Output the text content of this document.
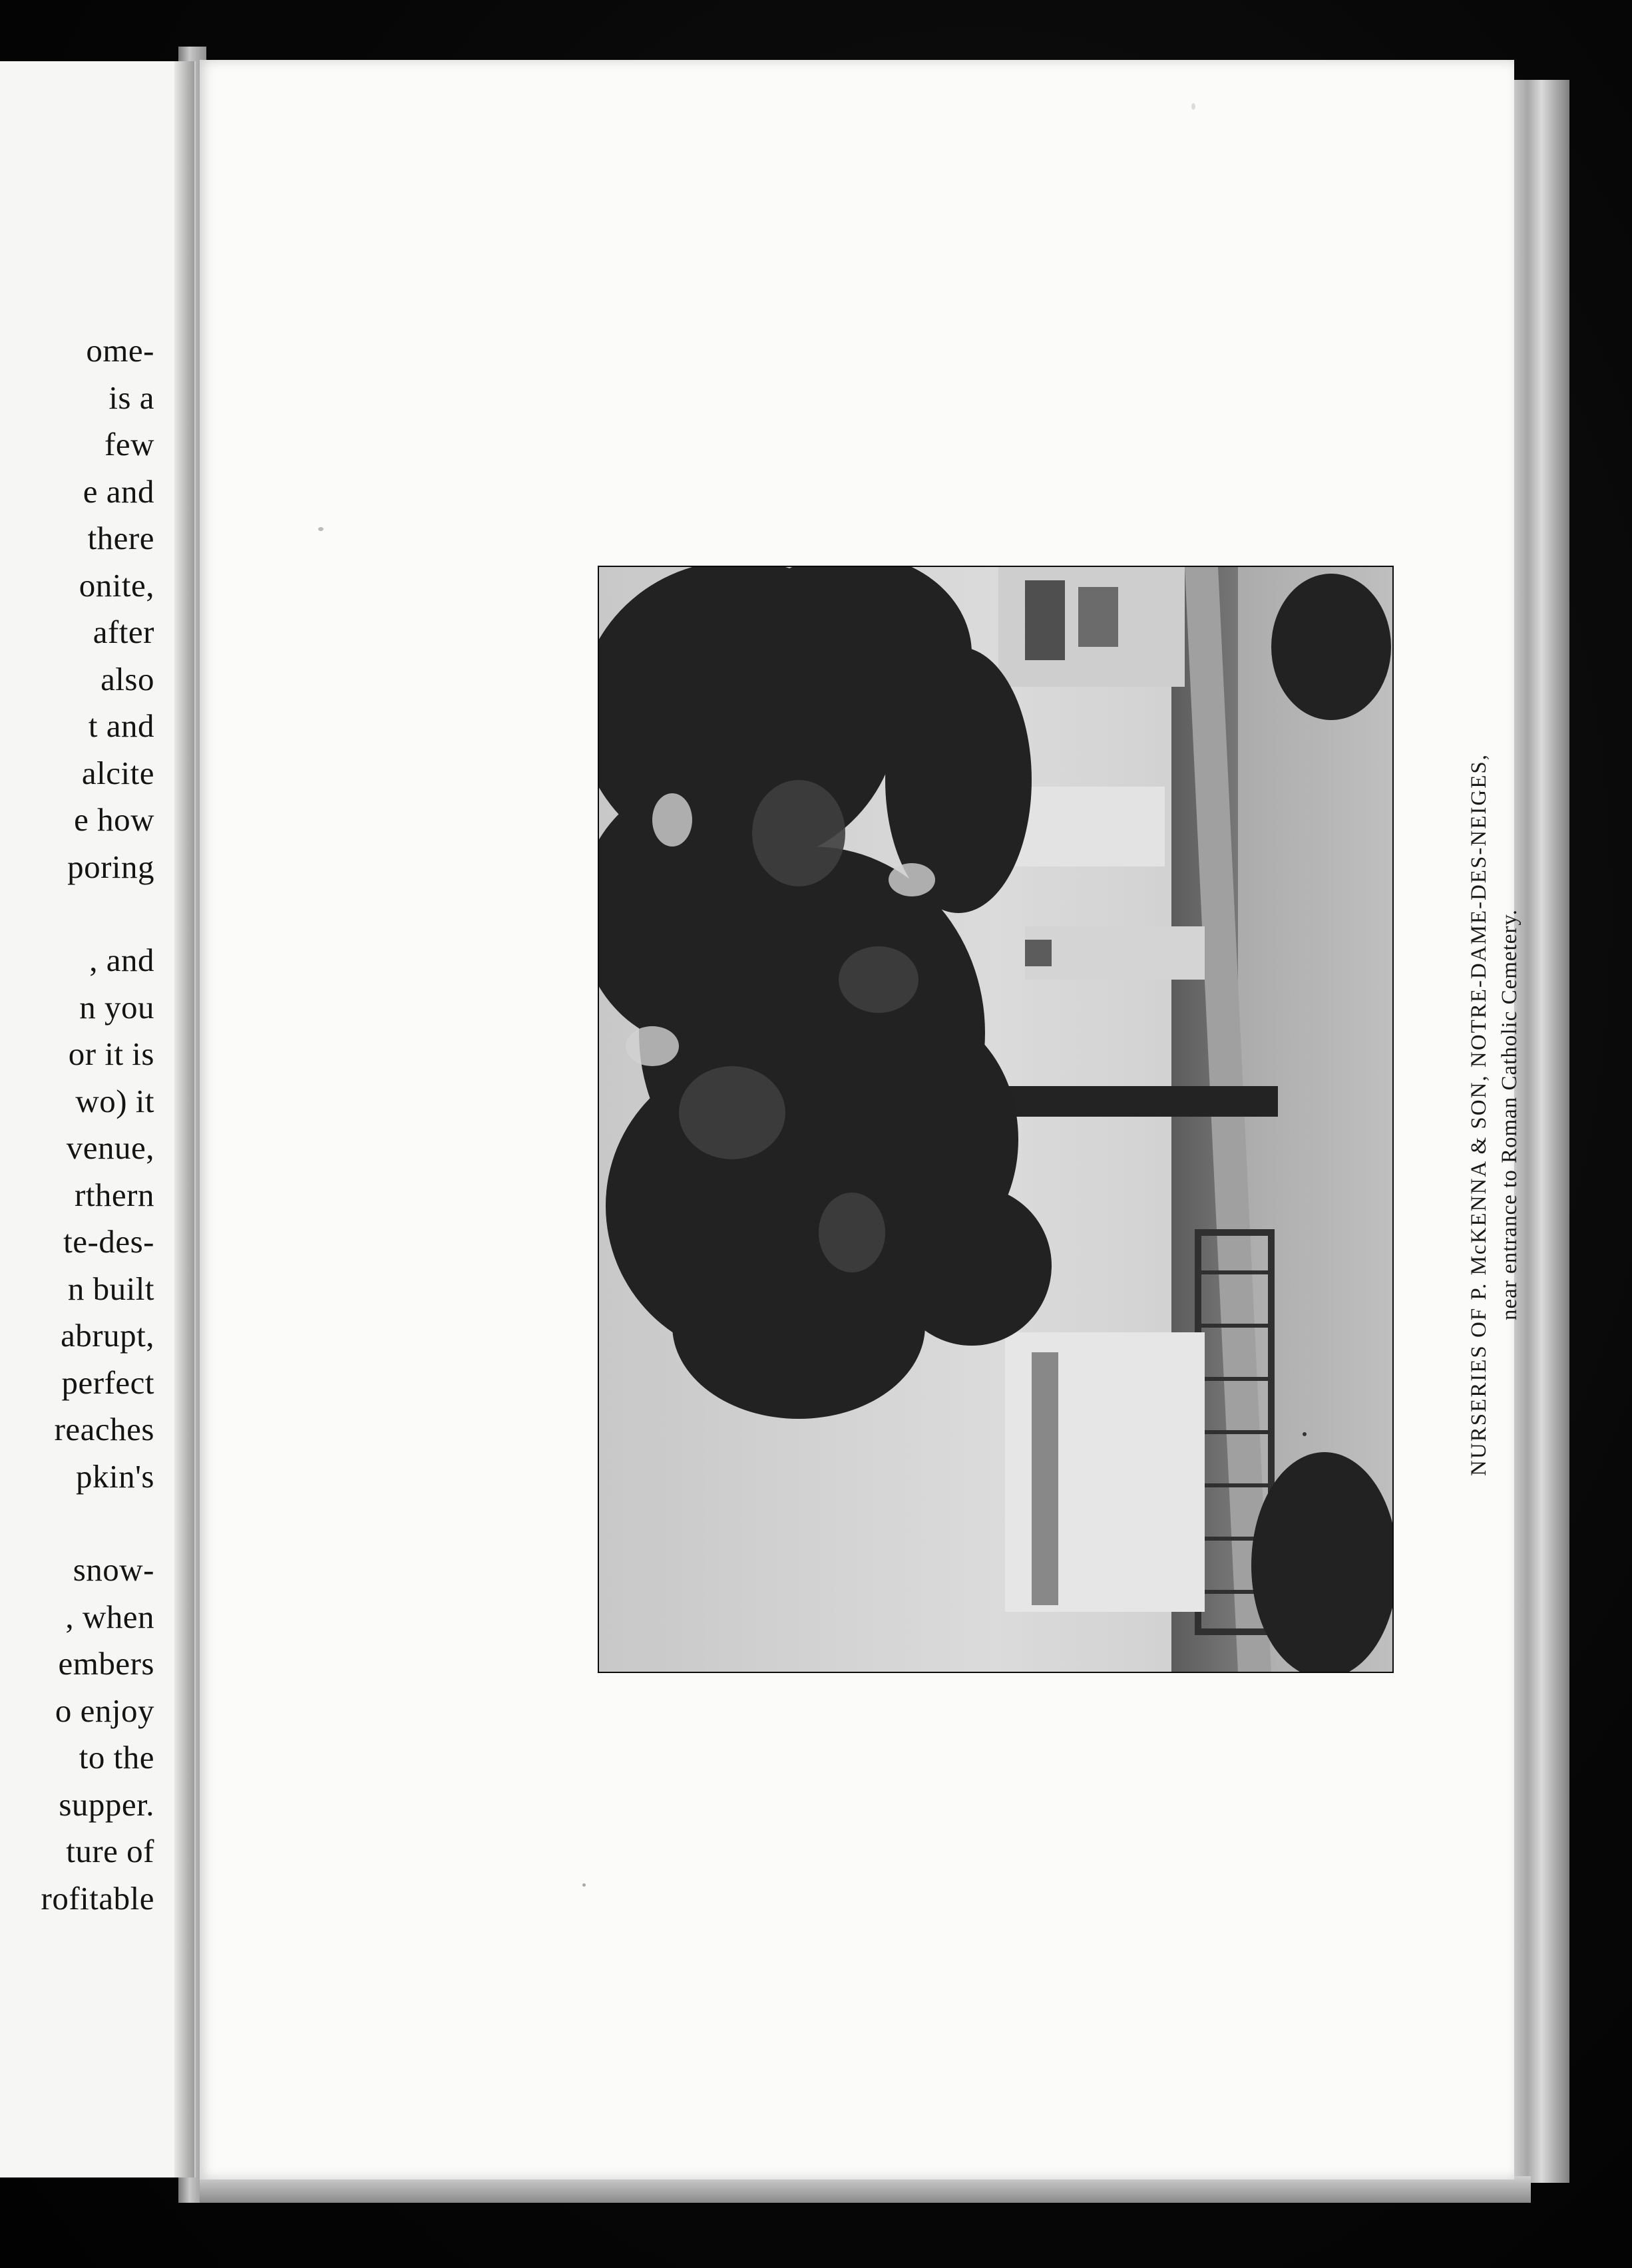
ome-
is a
few
e and
there
onite,
after
also
t and
alcite
e how
poring
, and
n you
or it is
wo) it
venue,
rthern
te-des-
n built
abrupt,
perfect
reaches
pkin's
snow-
, when
embers
o enjoy
to the
supper.
ture of
rofitable
NURSERIES OF P. McKENNA & SON, NOTRE-DAME-DES-NEIGES, near entrance to Roman Catholic Cemetery.
